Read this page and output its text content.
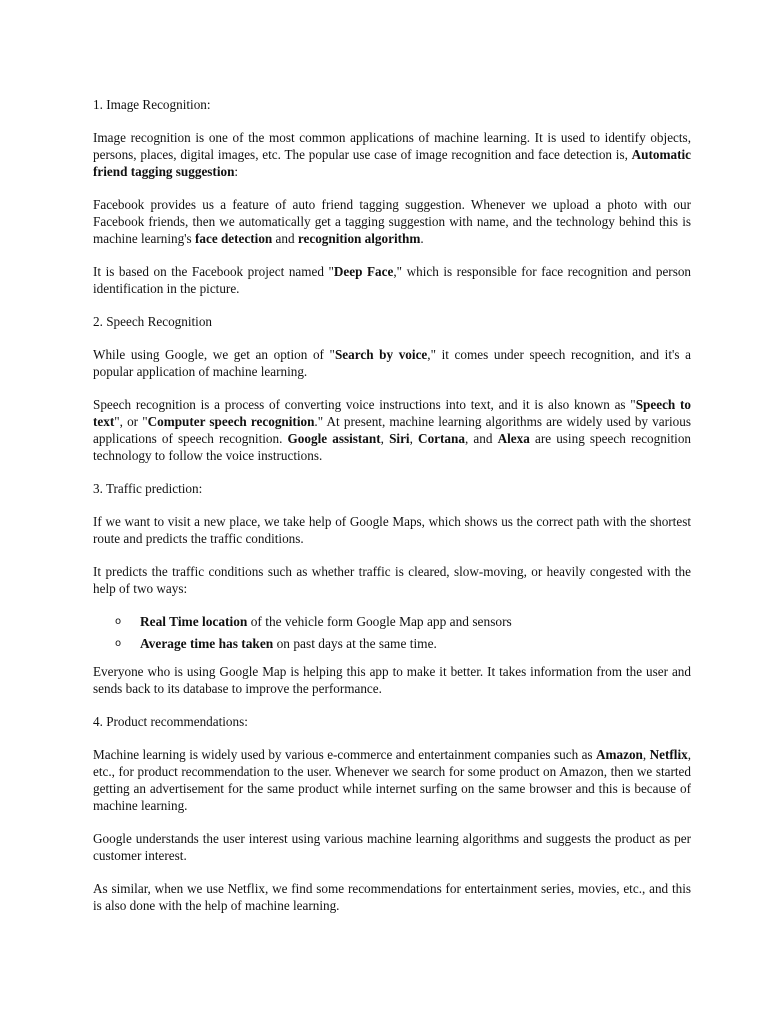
1. Image Recognition:

Image recognition is one of the most common applications of machine learning. It is used to identify objects, persons, places, digital images, etc. The popular use case of image recognition and face detection is, Automatic friend tagging suggestion:

Facebook provides us a feature of auto friend tagging suggestion. Whenever we upload a photo with our Facebook friends, then we automatically get a tagging suggestion with name, and the technology behind this is machine learning's face detection and recognition algorithm.

It is based on the Facebook project named "Deep Face," which is responsible for face recognition and person identification in the picture.

2. Speech Recognition

While using Google, we get an option of "Search by voice," it comes under speech recognition, and it's a popular application of machine learning.

Speech recognition is a process of converting voice instructions into text, and it is also known as "Speech to text", or "Computer speech recognition." At present, machine learning algorithms are widely used by various applications of speech recognition. Google assistant, Siri, Cortana, and Alexa are using speech recognition technology to follow the voice instructions.

3. Traffic prediction:

If we want to visit a new place, we take help of Google Maps, which shows us the correct path with the shortest route and predicts the traffic conditions.

It predicts the traffic conditions such as whether traffic is cleared, slow-moving, or heavily congested with the help of two ways:

o Real Time location of the vehicle form Google Map app and sensors
o Average time has taken on past days at the same time.

Everyone who is using Google Map is helping this app to make it better. It takes information from the user and sends back to its database to improve the performance.

4. Product recommendations:

Machine learning is widely used by various e-commerce and entertainment companies such as Amazon, Netflix, etc., for product recommendation to the user. Whenever we search for some product on Amazon, then we started getting an advertisement for the same product while internet surfing on the same browser and this is because of machine learning.

Google understands the user interest using various machine learning algorithms and suggests the product as per customer interest.

As similar, when we use Netflix, we find some recommendations for entertainment series, movies, etc., and this is also done with the help of machine learning.
